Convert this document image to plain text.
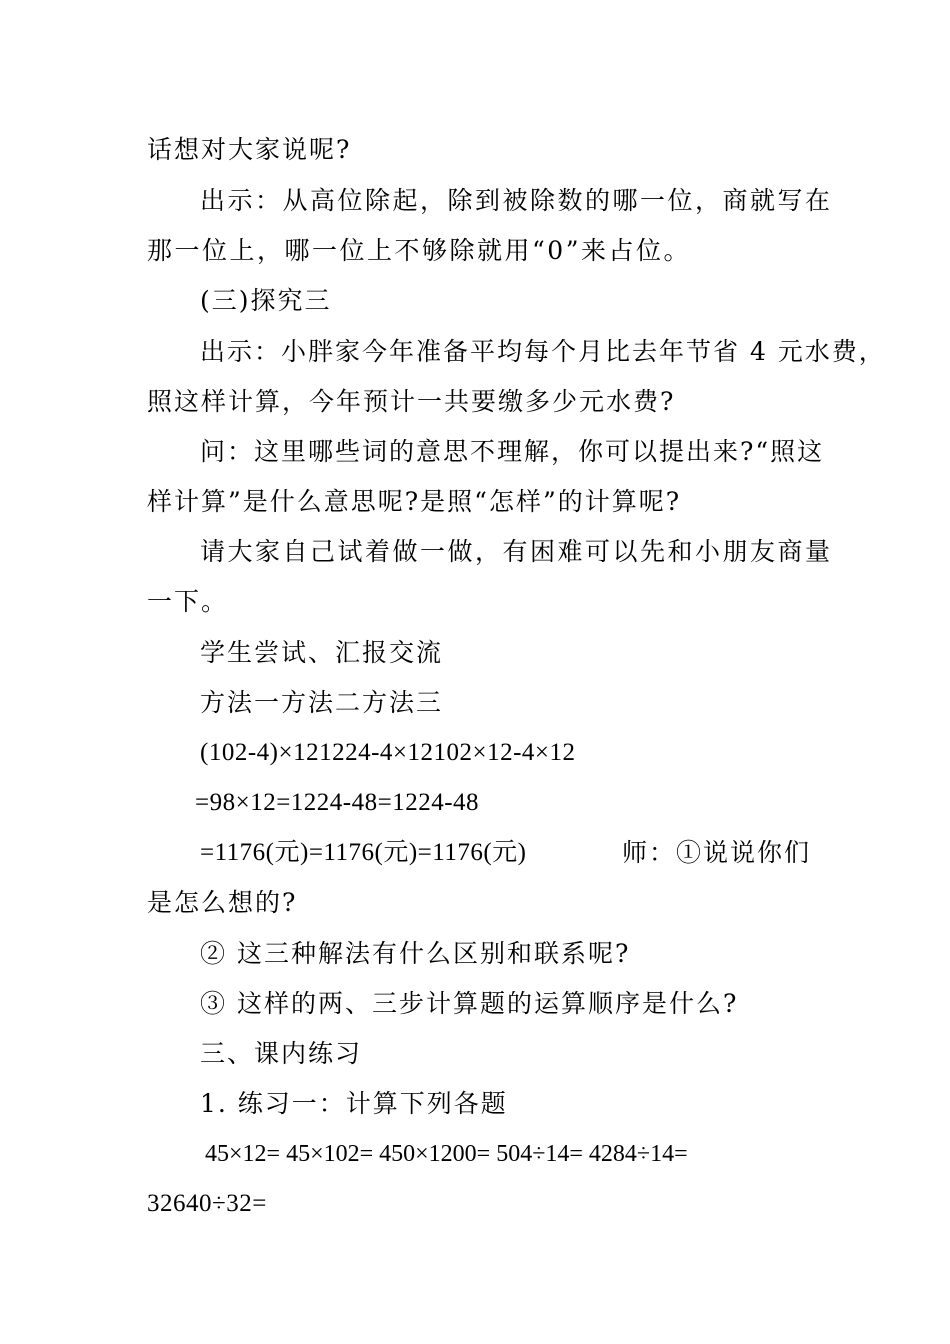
话想对大家说呢?
出示：从高位除起，除到被除数的哪一位，商就写在
那一位上，哪一位上不够除就用“0”来占位。
(三)探究三
出示：小胖家今年准备平均每个月比去年节省 4 元水费，
照这样计算，今年预计一共要缴多少元水费?
问：这里哪些词的意思不理解，你可以提出来?“照这
样计算”是什么意思呢?是照“怎样”的计算呢?
请大家自己试着做一做，有困难可以先和小朋友商量
一下。
学生尝试、汇报交流
方法一方法二方法三
(102-4)×121224-4×12102×12-4×12
=98×12=1224-48=1224-48
=1176(元)=1176(元)=1176(元)	师：①说说你们
是怎么想的?
② 这三种解法有什么区别和联系呢?
③ 这样的两、三步计算题的运算顺序是什么?
三、课内练习
1. 练习一：计算下列各题
45×12= 45×102= 450×1200= 504÷14= 4284÷14=
32640÷32=
